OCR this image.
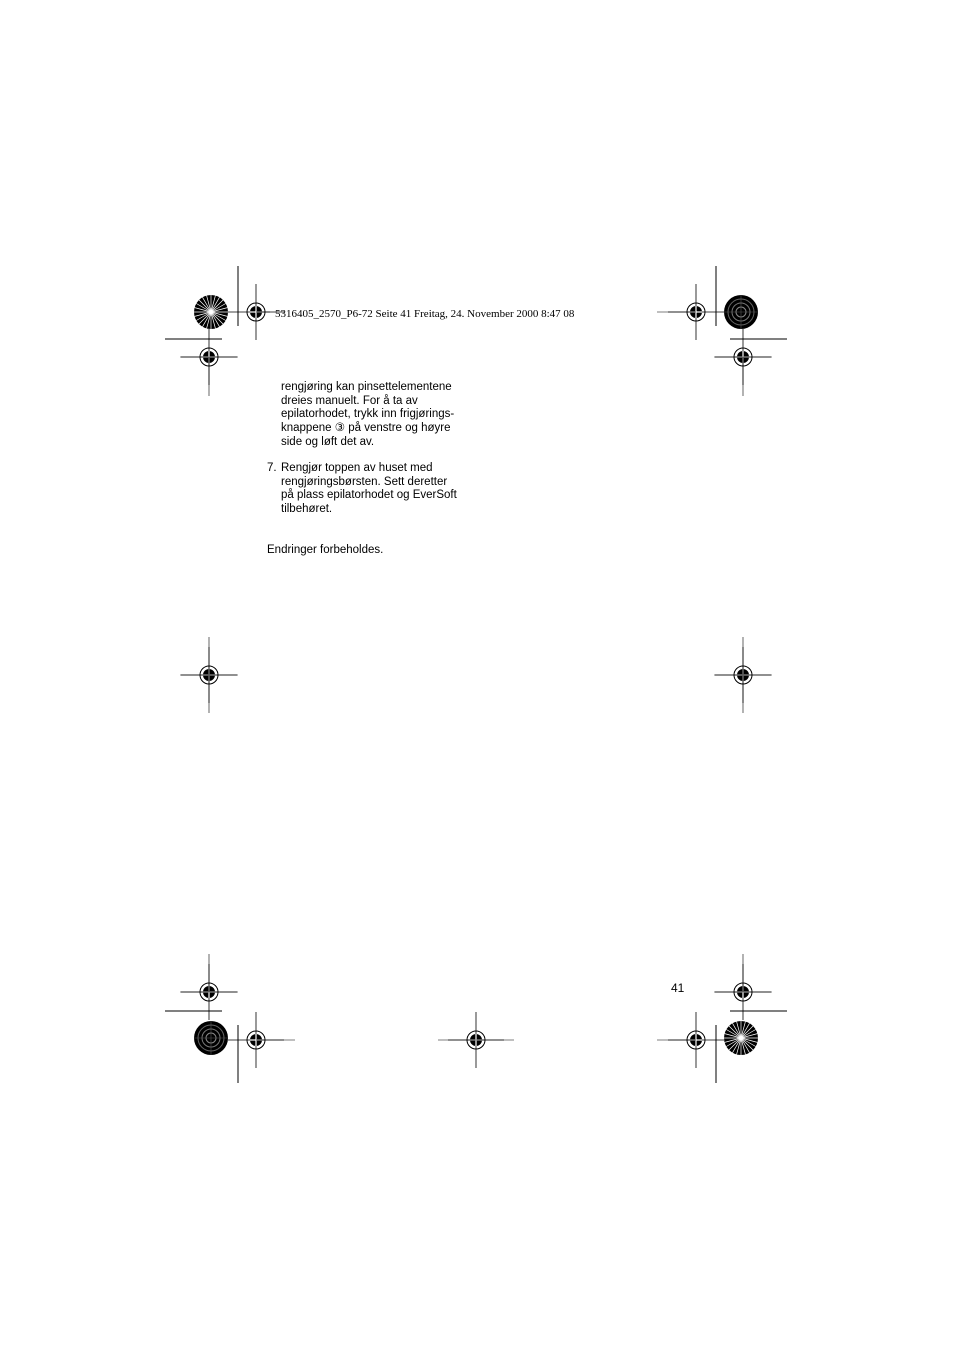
5316405_2570_P6-72 Seite 41 Freitag, 24. November 2000 8:47 08

rengjøring kan pinsettelementene

dreies manuelt. For å ta av

epilatorhodet, trykk inn frigjørings-

knappene ③ på venstre og høyre

side og løft det av.

7. Rengjør toppen av huset med

rengjøringsbørsten. Sett deretter

på plass epilatorhodet og EverSoft

tilbehøret.

Endringer forbeholdes.
41
